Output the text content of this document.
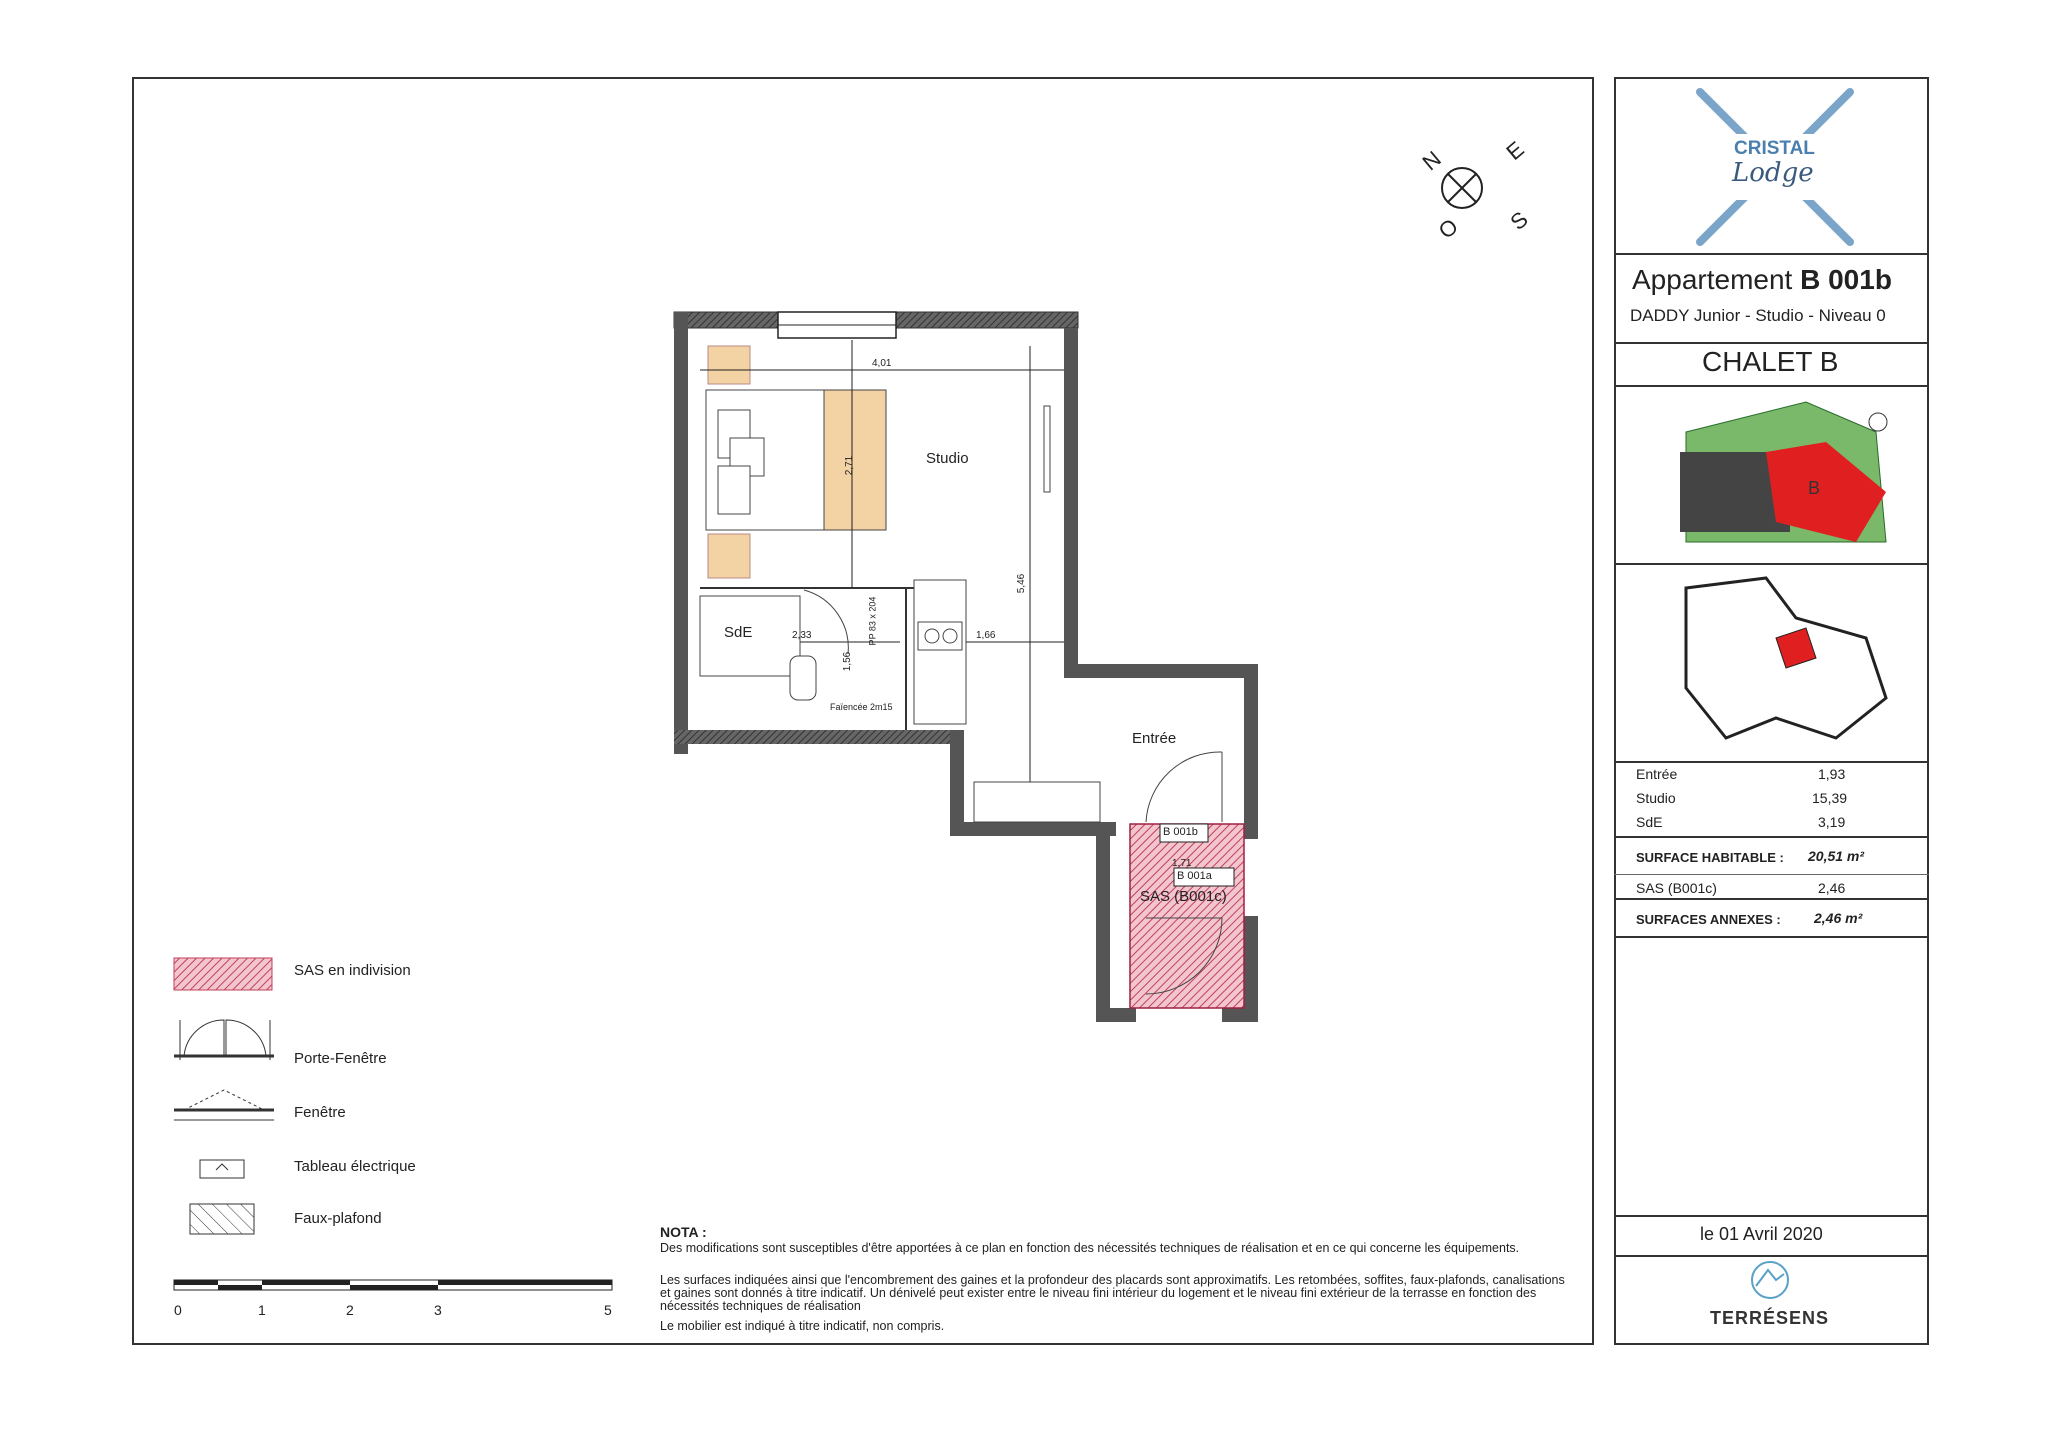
N	E
S
O
Studio
SdE
Entrée
SAS (B001c)
4,01
2,71
5,46
2,33
1,56
1,66
PP 83 x 204
1,71
Faïencée 2m15
B 001b
B 001a
SAS en indivision
Porte-Fenêtre
Fenêtre
Tableau électrique
Faux-plafond
0	1	2	3	5
NOTA :
Des modifications sont susceptibles d'être apportées à ce plan en fonction des nécessités techniques de réalisation et en ce qui concerne les équipements.
Les surfaces indiquées ainsi que l'encombrement des gaines et la profondeur des placards sont approximatifs. Les retombées, soffites, faux-plafonds, canalisations et gaines sont donnés à titre indicatif. Un dénivelé peut exister entre le niveau fini intérieur du logement et le niveau fini extérieur de la terrasse en fonction des nécessités techniques de réalisation
Le mobilier est indiqué à titre indicatif, non compris.
CRISTAL
Lodge
Appartement B 001b
DADDY Junior - Studio - Niveau 0
CHALET B
B
Entrée	1,93
Studio	15,39
SdE	3,19
SURFACE HABITABLE : 20,51 m²
SAS (B001c)	2,46
SURFACES ANNEXES : 2,46 m²
le 01 Avril 2020
TERRÉSENS
